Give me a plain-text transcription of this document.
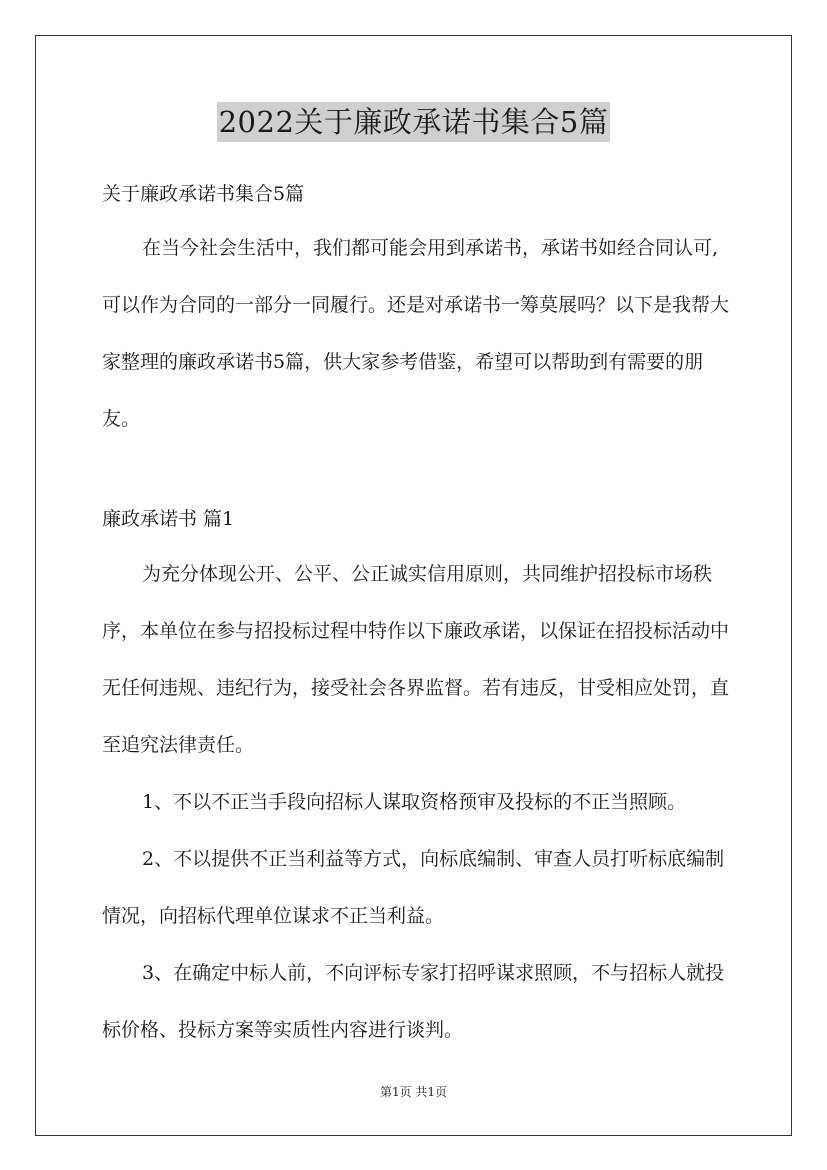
2022关于廉政承诺书集合5篇
关于廉政承诺书集合5篇

在当今社会生活中，我们都可能会用到承诺书，承诺书如经合同认可,可以作为合同的一部分一同履行。还是对承诺书一筹莫展吗？以下是我帮大家整理的廉政承诺书5篇，供大家参考借鉴，希望可以帮助到有需要的朋友。

廉政承诺书 篇1

为充分体现公开、公平、公正诚实信用原则，共同维护招投标市场秩序，本单位在参与招投标过程中特作以下廉政承诺，以保证在招投标活动中无任何违规、违纪行为，接受社会各界监督。若有违反，甘受相应处罚，直至追究法律责任。

1、不以不正当手段向招标人谋取资格预审及投标的不正当照顾。

2、不以提供不正当利益等方式，向标底编制、审查人员打听标底编制情况，向招标代理单位谋求不正当利益。

3、在确定中标人前，不向评标专家打招呼谋求照顾，不与招标人就投标价格、投标方案等实质性内容进行谈判。

第1页 共1页
